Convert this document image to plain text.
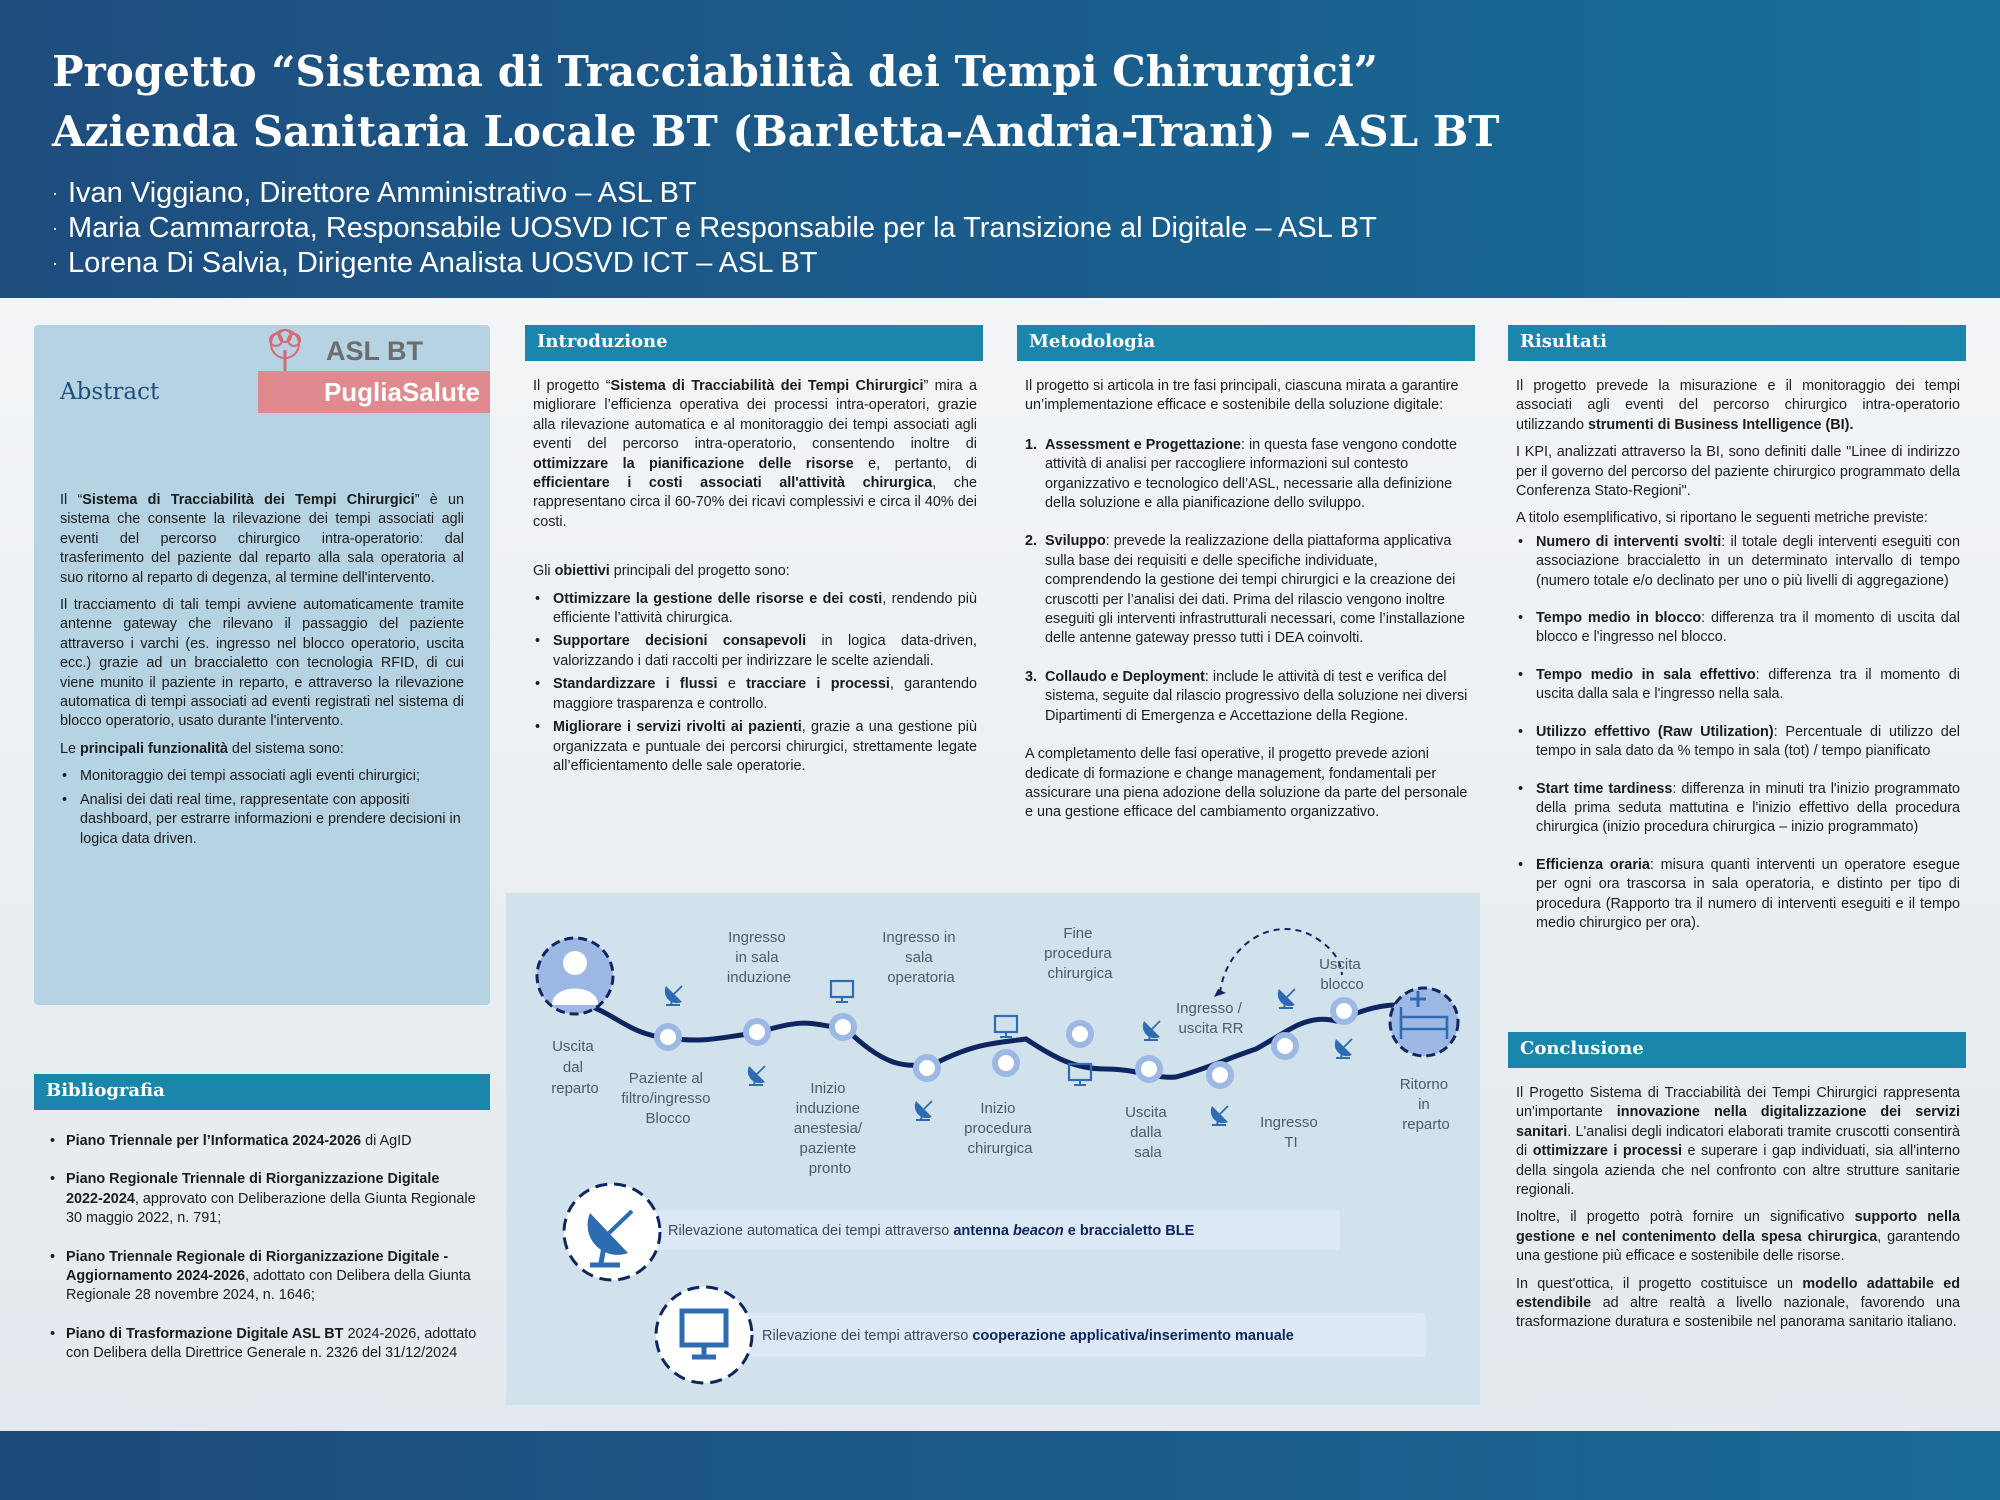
Progetto “Sistema di Tracciabilità dei Tempi Chirurgici”
Azienda Sanitaria Locale BT (Barletta-Andria-Trani) – ASL BT
· Ivan Viggiano, Direttore Amministrativo – ASL BT
· Maria Cammarrota, Responsabile UOSVD ICT e Responsabile per la Transizione al Digitale – ASL BT
· Lorena Di Salvia, Dirigente Analista UOSVD ICT – ASL BT
Abstract
ASL BT
PugliaSalute

Il “Sistema di Tracciabilità dei Tempi Chirurgici” è un sistema che consente la rilevazione dei tempi associati agli eventi del percorso chirurgico intra-operatorio: dal trasferimento del paziente dal reparto alla sala operatoria al suo ritorno al reparto di degenza, al termine dell'intervento.

Il tracciamento di tali tempi avviene automaticamente tramite antenne gateway che rilevano il passaggio del paziente attraverso i varchi (es. ingresso nel blocco operatorio, uscita ecc.) grazie ad un braccialetto con tecnologia RFID, di cui viene munito il paziente in reparto, e attraverso la rilevazione automatica di tempi associati ad eventi registrati nel sistema di blocco operatorio, usato durante l'intervento.

Le principali funzionalità del sistema sono:

• Monitoraggio dei tempi associati agli eventi chirurgici;
• Analisi dei dati real time, rappresentate con appositi dashboard, per estrarre informazioni e prendere decisioni in logica data driven.
Bibliografia
• Piano Triennale per l’Informatica 2024-2026 di AgID
• Piano Regionale Triennale di Riorganizzazione Digitale 2022-2024, approvato con Deliberazione della Giunta Regionale 30 maggio 2022, n. 791;
• Piano Triennale Regionale di Riorganizzazione Digitale - Aggiornamento 2024-2026, adottato con Delibera della Giunta Regionale 28 novembre 2024, n. 1646;
• Piano di Trasformazione Digitale ASL BT 2024-2026, adottato con Delibera della Direttrice Generale n. 2326 del 31/12/2024
Introduzione

Il progetto “Sistema di Tracciabilità dei Tempi Chirurgici” mira a migliorare l’efficienza operativa dei processi intra-operatori, grazie alla rilevazione automatica e al monitoraggio dei tempi associati agli eventi del percorso intra-operatorio, consentendo inoltre di ottimizzare la pianificazione delle risorse e, pertanto, di efficientare i costi associati all'attività chirurgica, che rappresentano circa il 60-70% dei ricavi complessivi e circa il 40% dei costi.

Gli obiettivi principali del progetto sono:

• Ottimizzare la gestione delle risorse e dei costi, rendendo più efficiente l’attività chirurgica.
• Supportare decisioni consapevoli in logica data-driven, valorizzando i dati raccolti per indirizzare le scelte aziendali.
• Standardizzare i flussi e tracciare i processi, garantendo maggiore trasparenza e controllo.
• Migliorare i servizi rivolti ai pazienti, grazie a una gestione più organizzata e puntuale dei percorsi chirurgici, strettamente legate all’efficientamento delle sale operatorie.
Metodologia

Il progetto si articola in tre fasi principali, ciascuna mirata a garantire un’implementazione efficace e sostenibile della soluzione digitale:

1. Assessment e Progettazione: in questa fase vengono condotte attività di analisi per raccogliere informazioni sul contesto organizzativo e tecnologico dell’ASL, necessarie alla definizione della soluzione e alla pianificazione dello sviluppo.
2. Sviluppo: prevede la realizzazione della piattaforma applicativa sulla base dei requisiti e delle specifiche individuate, comprendendo la gestione dei tempi chirurgici e la creazione dei cruscotti per l’analisi dei dati. Prima del rilascio vengono inoltre eseguiti gli interventi infrastrutturali necessari, come l’installazione delle antenne gateway presso tutti i DEA coinvolti.
3. Collaudo e Deployment: include le attività di test e verifica del sistema, seguite dal rilascio progressivo della soluzione nei diversi Dipartimenti di Emergenza e Accettazione della Regione.

A completamento delle fasi operative, il progetto prevede azioni dedicate di formazione e change management, fondamentali per assicurare una piena adozione della soluzione da parte del personale e una gestione efficace del cambiamento organizzativo.

Risultati

Il progetto prevede la misurazione e il monitoraggio dei tempi associati agli eventi del percorso chirurgico intra-operatorio utilizzando strumenti di Business Intelligence (BI).

I KPI, analizzati attraverso la BI, sono definiti dalle "Linee di indirizzo per il governo del percorso del paziente chirurgico programmato della Conferenza Stato-Regioni".

A titolo esemplificativo, si riportano le seguenti metriche previste:

• Numero di interventi svolti: il totale degli interventi eseguiti con associazione braccialetto in un determinato intervallo di tempo (numero totale e/o declinato per uno o più livelli di aggregazione)
• Tempo medio in blocco: differenza tra il momento di uscita dal blocco e l'ingresso nel blocco.
• Tempo medio in sala effettivo: differenza tra il momento di uscita dalla sala e l'ingresso nella sala.
• Utilizzo effettivo (Raw Utilization): Percentuale di utilizzo del tempo in sala dato da % tempo in sala (tot) / tempo pianificato
• Start time tardiness: differenza in minuti tra l'inizio programmato della prima seduta mattutina e l'inizio effettivo della procedura chirurgica (inizio procedura chirurgica – inizio programmato)
• Efficienza oraria: misura quanti interventi un operatore esegue per ogni ora trascorsa in sala operatoria, e distinto per tipo di procedura (Rapporto tra il numero di interventi eseguiti e il tempo medio chirurgico per ora).
Conclusione

Il Progetto Sistema di Tracciabilità dei Tempi Chirurgici rappresenta un'importante innovazione nella digitalizzazione dei servizi sanitari. L'analisi degli indicatori elaborati tramite cruscotti consentirà di ottimizzare i processi e superare i gap individuati, sia all'interno della singola azienda che nel confronto con altre strutture sanitarie regionali.

Inoltre, il progetto potrà fornire un significativo supporto nella gestione e nel contenimento della spesa chirurgica, garantendo una gestione più efficace e sostenibile delle risorse.

In quest'ottica, il progetto costituisce un modello adattabile ed estendibile ad altre realtà a livello nazionale, favorendo una trasformazione duratura e sostenibile nel panorama sanitario italiano.

Uscita dal reparto
Paziente al filtro/ingresso Blocco
Ingresso in sala induzione
Inizio induzione anestesia/ paziente pronto
Ingresso in sala operatoria
Inizio procedura chirurgica
Fine procedura chirurgica
Uscita dalla sala
Ingresso / uscita RR
Ingresso TI
Uscita blocco
Ritorno in reparto
Rilevazione automatica dei tempi attraverso antenna beacon e braccialetto BLE
Rilevazione dei tempi attraverso cooperazione applicativa/inserimento manuale
